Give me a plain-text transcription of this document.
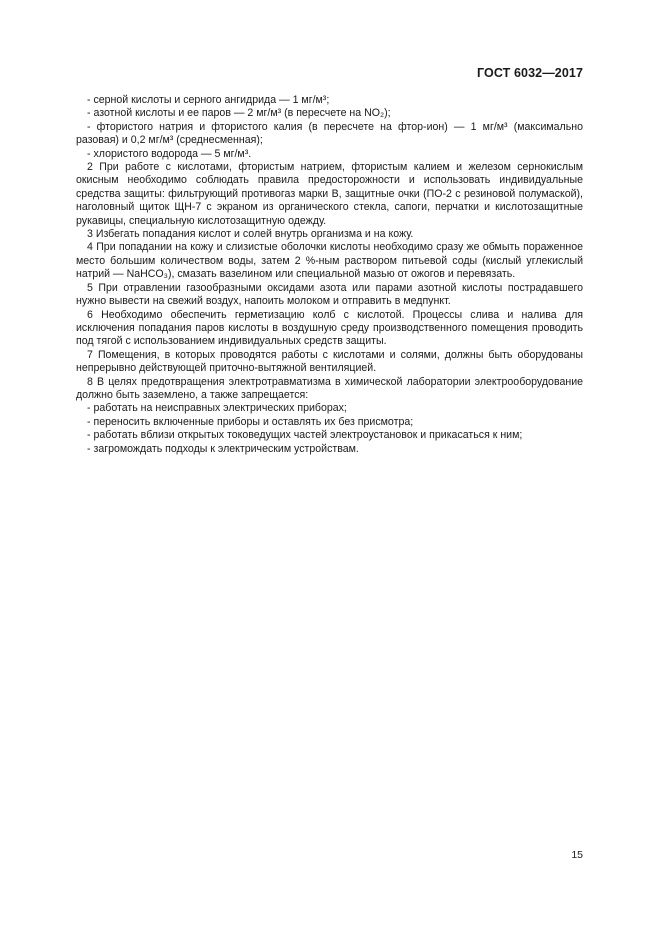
ГОСТ 6032—2017

- серной кислоты и серного ангидрида — 1 мг/м³;

- азотной кислоты и ее паров — 2 мг/м³ (в пересчете на NO₂);

- фтористого натрия и фтористого калия (в пересчете на фтор-ион) — 1 мг/м³ (максимально разовая) и 0,2 мг/м³ (среднесменная);

- хлористого водорода — 5 мг/м³.

2 При работе с кислотами, фтористым натрием, фтористым калием и железом сернокислым окисным необходимо соблюдать правила предосторожности и использовать индивидуальные средства защиты: фильтрующий противогаз марки В, защитные очки (ПО-2 с резиновой полумаской), наголовный щиток ЩН-7 с экраном из органического стекла, сапоги, перчатки и кислотозащитные рукавицы, специальную кислотозащитную одежду.

3 Избегать попадания кислот и солей внутрь организма и на кожу.

4 При попадании на кожу и слизистые оболочки кислоты необходимо сразу же обмыть пораженное место большим количеством воды, затем 2 %-ным раствором питьевой соды (кислый углекислый натрий — NaHCO₃), смазать вазелином или специальной мазью от ожогов и перевязать.

5 При отравлении газообразными оксидами азота или парами азотной кислоты пострадавшего нужно вывести на свежий воздух, напоить молоком и отправить в медпункт.

6 Необходимо обеспечить герметизацию колб с кислотой. Процессы слива и налива для исключения попадания паров кислоты в воздушную среду производственного помещения проводить под тягой с использованием индивидуальных средств защиты.

7 Помещения, в которых проводятся работы с кислотами и солями, должны быть оборудованы непрерывно действующей приточно-вытяжной вентиляцией.

8 В целях предотвращения электротравматизма в химической лаборатории электрооборудование должно быть заземлено, а также запрещается:

- работать на неисправных электрических приборах;

- переносить включенные приборы и оставлять их без присмотра;

- работать вблизи открытых токоведущих частей электроустановок и прикасаться к ним;

- загромождать подходы к электрическим устройствам.

15
